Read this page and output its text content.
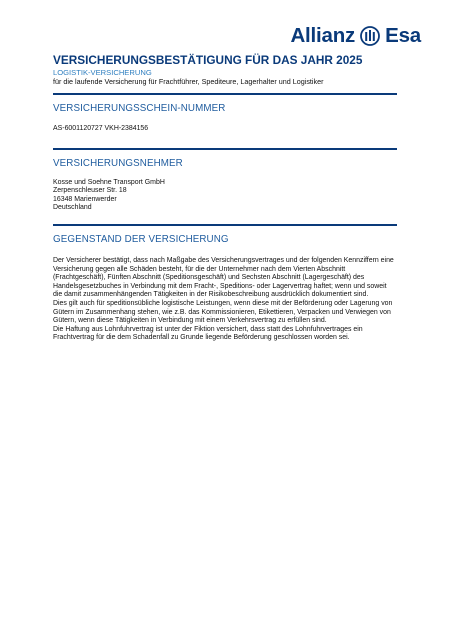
Allianz Esa
VERSICHERUNGSBESTÄTIGUNG FÜR DAS JAHR 2025
LOGISTIK-VERSICHERUNG
für die laufende Versicherung für Frachtführer, Spediteure, Lagerhalter und Logistiker
VERSICHERUNGSSCHEIN-NUMMER
AS-6001120727 VKH-2384156
VERSICHERUNGSNEHMER
Kosse und Soehne Transport GmbH
Zerpenschleuser Str. 18
16348 Marienwerder
Deutschland
GEGENSTAND DER VERSICHERUNG

Der Versicherer bestätigt, dass nach Maßgabe des Versicherungsvertrages und der folgenden Kennziffern eine Versicherung gegen alle Schäden besteht, für die der Unternehmer nach dem Vierten Abschnitt (Frachtgeschäft), Fünften Abschnitt (Speditionsgeschäft) und Sechsten Abschnitt (Lagergeschäft) des Handelsgesetzbuches in Verbindung mit dem Fracht-, Speditions- oder Lagervertrag haftet; wenn und soweit die damit zusammenhängenden Tätigkeiten in der Risikobeschreibung ausdrücklich dokumentiert sind.

Dies gilt auch für speditionsübliche logistische Leistungen, wenn diese mit der Beförderung oder Lagerung von Gütern im Zusammenhang stehen, wie z.B. das Kommissionieren, Etikettieren, Verpacken und Verwiegen von Gütern, wenn diese Tätigkeiten in Verbindung mit einem Verkehrsvertrag zu erfüllen sind.

Die Haftung aus Lohnfuhrvertrag ist unter der Fiktion versichert, dass statt des Lohnfuhrvertrages ein Frachtvertrag für die dem Schadenfall zu Grunde liegende Beförderung geschlossen worden sei.
